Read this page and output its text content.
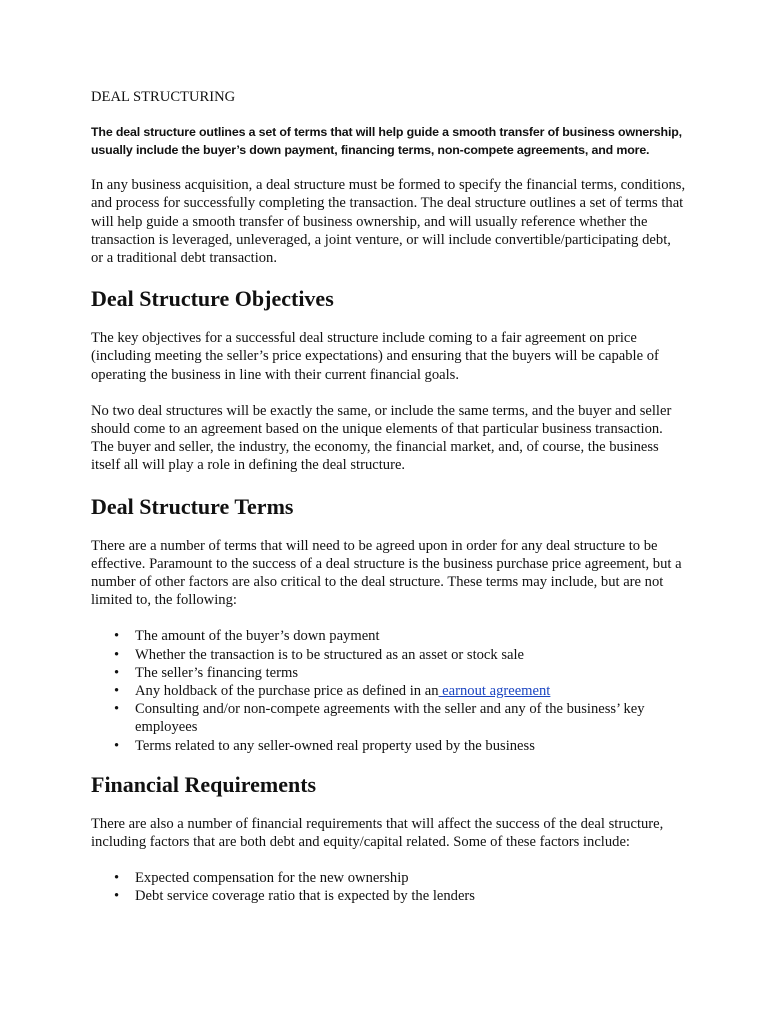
DEAL STRUCTURING

The deal structure outlines a set of terms that will help guide a smooth transfer of business ownership, usually include the buyer’s down payment, financing terms, non-compete agreements, and more.

In any business acquisition, a deal structure must be formed to specify the financial terms, conditions, and process for successfully completing the transaction. The deal structure outlines a set of terms that will help guide a smooth transfer of business ownership, and will usually reference whether the transaction is leveraged, unleveraged, a joint venture, or will include convertible/participating debt, or a traditional debt transaction.

Deal Structure Objectives

The key objectives for a successful deal structure include coming to a fair agreement on price (including meeting the seller’s price expectations) and ensuring that the buyers will be capable of operating the business in line with their current financial goals.

No two deal structures will be exactly the same, or include the same terms, and the buyer and seller should come to an agreement based on the unique elements of that particular business transaction. The buyer and seller, the industry, the economy, the financial market, and, of course, the business itself all will play a role in defining the deal structure.

Deal Structure Terms

There are a number of terms that will need to be agreed upon in order for any deal structure to be effective. Paramount to the success of a deal structure is the business purchase price agreement, but a number of other factors are also critical to the deal structure. These terms may include, but are not limited to, the following:

• The amount of the buyer’s down payment
• Whether the transaction is to be structured as an asset or stock sale
• The seller’s financing terms
• Any holdback of the purchase price as defined in an earnout agreement
• Consulting and/or non-compete agreements with the seller and any of the business’ key employees
• Terms related to any seller-owned real property used by the business
Financial Requirements

There are also a number of financial requirements that will affect the success of the deal structure, including factors that are both debt and equity/capital related. Some of these factors include:

• Expected compensation for the new ownership
• Debt service coverage ratio that is expected by the lenders
